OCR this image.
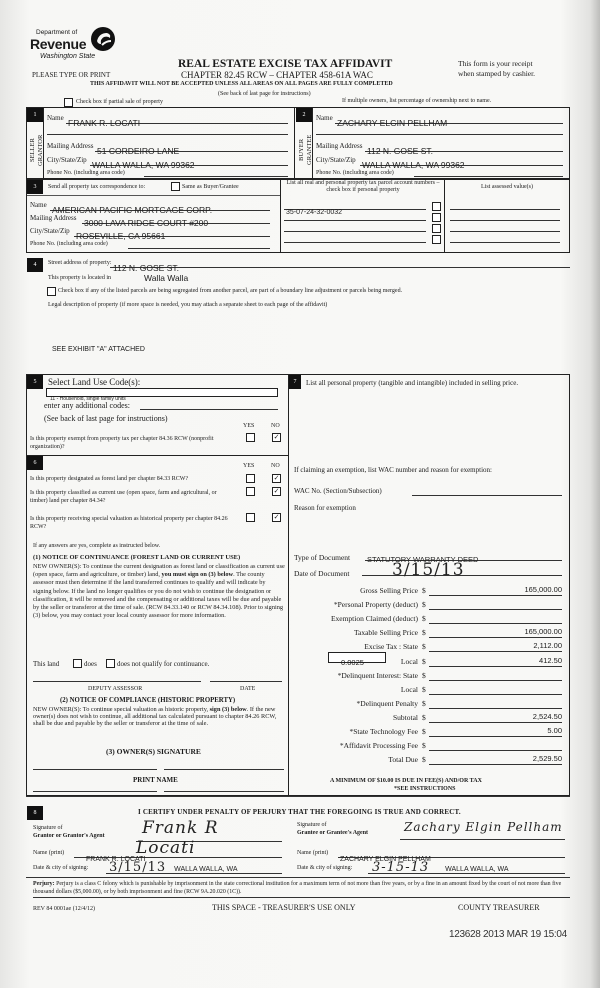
Department of
Revenue
Washington State
PLEASE TYPE OR PRINT
REAL ESTATE EXCISE TAX AFFIDAVIT
CHAPTER 82.45 RCW – CHAPTER 458-61A WAC
This form is your receipt
when stamped by cashier.
THIS AFFIDAVIT WILL NOT BE ACCEPTED UNLESS ALL AREAS ON ALL PAGES ARE FULLY COMPLETED
(See back of last page for instructions)
Check box if partial sale of property	If multiple owners, list percentage of ownership next to name.
1
SELLER
GRANTOR
Name FRANK R. LOCATI
Mailing Address 51 CORDEIRO LANE
City/State/Zip WALLA WALLA, WA 99362
Phone No. (including area code)
2
BUYER
GRANTEE
Name ZACHARY ELGIN PELLHAM
Mailing Address 112 N. GOSE ST.
City/State/Zip WALLA WALLA, WA 99362
Phone No. (including area code)
3	Send all property tax correspondence to:	Same as Buyer/Grantee
Name AMERICAN PACIFIC MORTGAGE CORP.
Mailing Address 3000 LAVA RIDGE COURT #200
City/State/Zip ROSEVILLE, CA 95661
Phone No. (including area code)
List all real and personal property tax parcel account numbers – check box if personal property	List assessed value(s)
35-07-24-32-0032
4	Street address of property: 112 N. GOSE ST.
This property is located in	Walla Walla
Check box if any of the listed parcels are being segregated from another parcel, are part of a boundary line adjustment or parcels being merged.
Legal description of property (if more space is needed, you may attach a separate sheet to each page of the affidavit)
SEE EXHIBIT "A" ATTACHED
5	Select Land Use Code(s):
11 - Household, single family units
enter any additional codes:
(See back of last page for instructions)
YES	NO
Is this property exempt from property tax per chapter 84.36 RCW (nonprofit organization)?
✓
6	YES	NO
Is this property designated as forest land per chapter 84.33 RCW?	✓
Is this property classified as current use (open space, farm and agricultural, or timber) land per chapter 84.34?
✓
Is this property receiving special valuation as historical property per chapter 84.26 RCW?
✓
If any answers are yes, complete as instructed below.
(1) NOTICE OF CONTINUANCE (FOREST LAND OR CURRENT USE)
NEW OWNER(S): To continue the current designation as forest land or classification as current use (open space, farm and agriculture, or timber) land, you must sign on (3) below. The county assessor must then determine if the land transferred continues to qualify and will indicate by signing below. If the land no longer qualifies or you do not wish to continue the designation or classification, it will be removed and the compensating or additional taxes will be due and payable by the seller or transferor at the time of sale. (RCW 84.33.140 or RCW 84.34.108). Prior to signing (3) below, you may contact your local county assessor for more information.
This land	does	does not qualify for continuance.
DEPUTY ASSESSOR	DATE
(2) NOTICE OF COMPLIANCE (HISTORIC PROPERTY)
NEW OWNER(S): To continue special valuation as historic property, sign (3) below. If the new owner(s) does not wish to continue, all additional tax calculated pursuant to chapter 84.26 RCW, shall be due and payable by the seller or transferor at the time of sale.
(3) OWNER(S) SIGNATURE
PRINT NAME
7	List all personal property (tangible and intangible) included in selling price.
If claiming an exemption, list WAC number and reason for exemption:
WAC No. (Section/Subsection)
Reason for exemption
Type of Document STATUTORY WARRANTY DEED
Date of Document	3/15/13
Gross Selling Price $	165,000.00
*Personal Property (deduct) $
Exemption Claimed (deduct) $
Taxable Selling Price $	165,000.00
Excise Tax : State $	2,112.00
Local $	412.50
*Delinquent Interest: State $
Local $
*Delinquent Penalty $
Subtotal $	2,524.50
*State Technology Fee $	5.00
*Affidavit Processing Fee $
Total Due $	2,529.50
0.0025
A MINIMUM OF $10.00 IS DUE IN FEE(S) AND/OR TAX
*SEE INSTRUCTIONS
8	I CERTIFY UNDER PENALTY OF PERJURY THAT THE FOREGOING IS TRUE AND CORRECT.
Signature of
Grantor or Grantor's Agent	Frank R Locati
Name (print)
FRANK R. LOCATI
Date & city of signing: 3/15/13 WALLA WALLA, WA
Signature of
Grantee or Grantee's Agent	Zachary Elgin Pellham
Name (print)
ZACHARY ELGIN PELLHAM
Date & city of signing:	3-15-13 WALLA WALLA, WA
Perjury: Perjury is a class C felony which is punishable by imprisonment in the state correctional institution for a maximum term of not more than five years, or by a fine in an amount fixed by the court of not more than five thousand dollars ($5,000.00), or by both imprisonment and fine (RCW 9A.20.020 (1C)).
REV 84 0001ae (12/4/12)	THIS SPACE - TREASURER'S USE ONLY	COUNTY TREASURER
123628 2013 MAR 19 15:04
